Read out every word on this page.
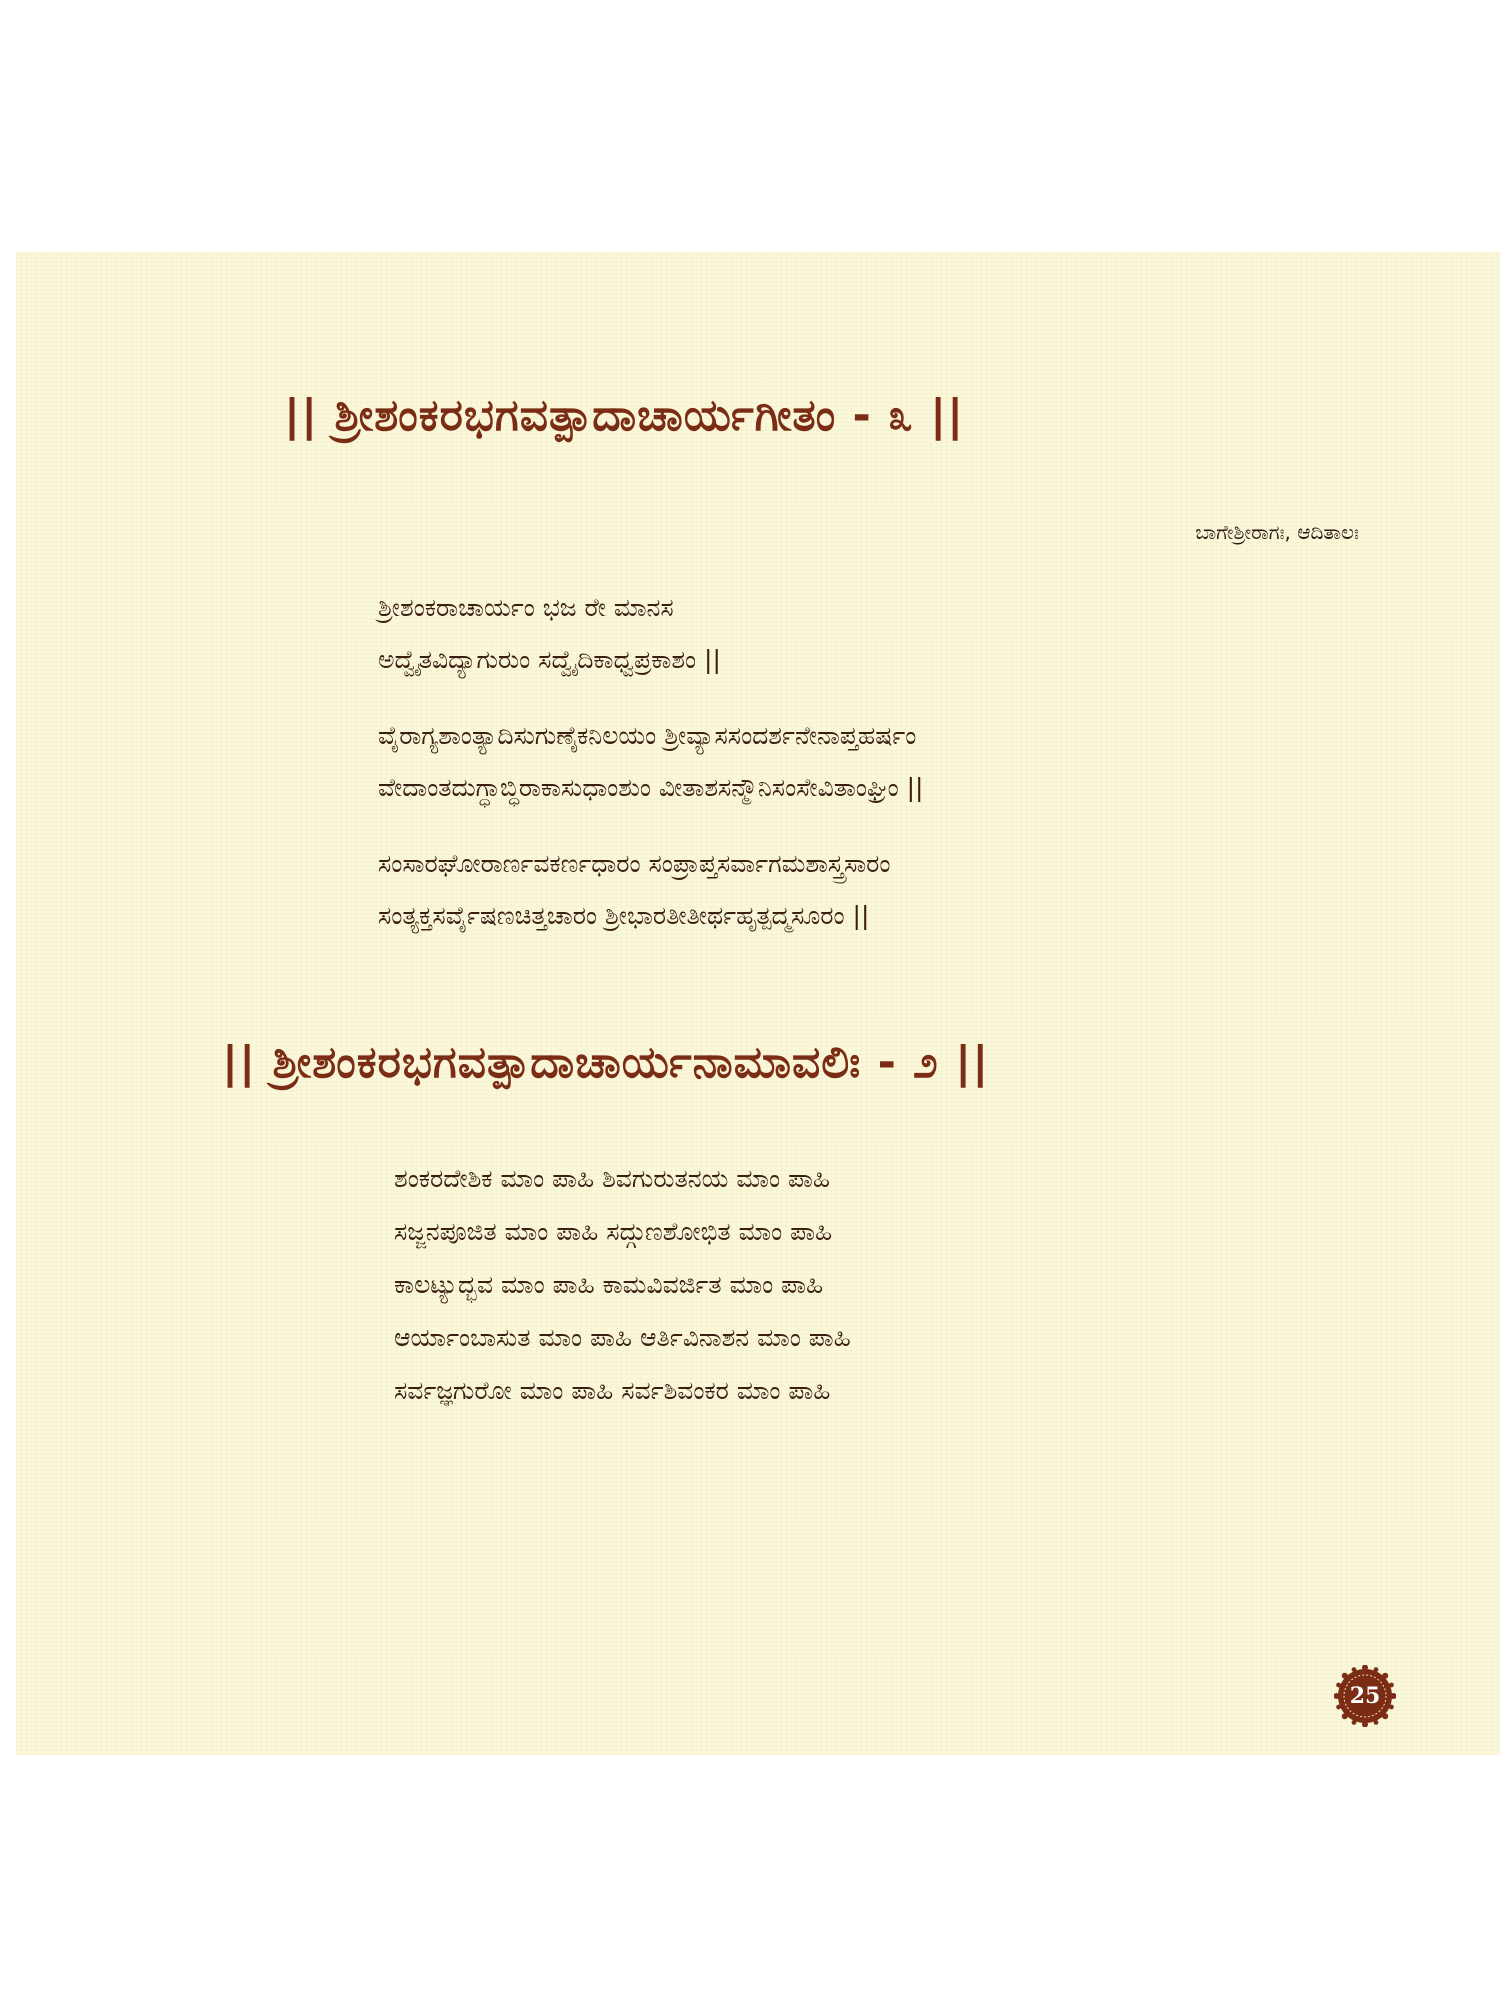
|| ಶ್ರೀಶಂಕರಭಗವತ್ಪಾದಾಚಾರ್ಯಗೀತಂ - ೩ ||
ಬಾಗೇಶ್ರೀರಾಗಃ, ಆದಿತಾಲಃ
ಶ್ರೀಶಂಕರಾಚಾರ್ಯಂ ಭಜ ರೇ ಮಾನಸ
ಅದ್ವೈತವಿದ್ಯಾಗುರುಂ ಸದ್ವೈದಿಕಾಧ್ವಪ್ರಕಾಶಂ ||
ವೈರಾಗ್ಯಶಾಂತ್ಯಾದಿಸುಗುಣೈಕನಿಲಯಂ ಶ್ರೀವ್ಯಾಸಸಂದರ್ಶನೇನಾಪ್ತಹರ್ಷಂ
ವೇದಾಂತದುಗ್ಧಾಬ್ಧಿರಾಕಾಸುಧಾಂಶುಂ ವೀತಾಶಸನ್ಮೌನಿಸಂಸೇವಿತಾಂಘ್ರಿಂ ||
ಸಂಸಾರಘೋರಾರ್ಣವಕರ್ಣಧಾರಂ ಸಂಪ್ರಾಪ್ತಸರ್ವಾಗಮಶಾಸ್ತ್ರಸಾರಂ
ಸಂತ್ಯಕ್ತಸರ್ವೈಷಣಚಿತ್ತಚಾರಂ ಶ್ರೀಭಾರತೀತೀರ್ಥಹೃತ್ಪದ್ಮಸೂರಂ ||
|| ಶ್ರೀಶಂಕರಭಗವತ್ಪಾದಾಚಾರ್ಯನಾಮಾವಲಿಃ - ೨ ||
ಶಂಕರದೇಶಿಕ ಮಾಂ ಪಾಹಿ ಶಿವಗುರುತನಯ ಮಾಂ ಪಾಹಿ
ಸಜ್ಜನಪೂಜಿತ ಮಾಂ ಪಾಹಿ ಸದ್ಗುಣಶೋಭಿತ ಮಾಂ ಪಾಹಿ
ಕಾಲಟ್ಯುದ್ಭವ ಮಾಂ ಪಾಹಿ ಕಾಮವಿವರ್ಜಿತ ಮಾಂ ಪಾಹಿ
ಆರ್ಯಾಂಬಾಸುತ ಮಾಂ ಪಾಹಿ ಆರ್ತಿವಿನಾಶನ ಮಾಂ ಪಾಹಿ
ಸರ್ವಜ್ಞಗುರೋ ಮಾಂ ಪಾಹಿ ಸರ್ವಶಿವಂಕರ ಮಾಂ ಪಾಹಿ
25
